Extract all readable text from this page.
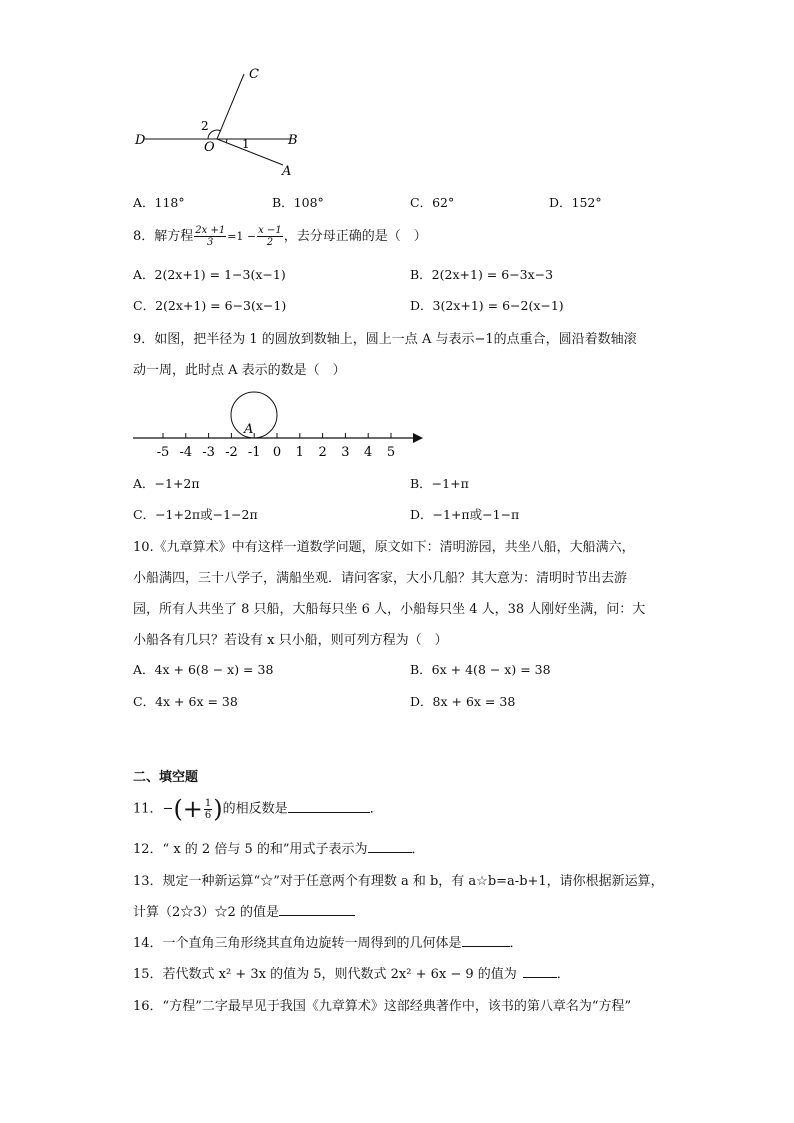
C
D	O	B
A
2
1
A．118°	B．108°	C．62°	D．152°
8．解方程 $\frac{2x +1}{3} =1 - \frac{x -1}{2}$ ，去分母正确的是（　）
A．2(2x+1) = 1−3(x−1)	B．2(2x+1) = 6−3x−3
C．2(2x+1) = 6−3(x−1)	D．3(2x+1) = 6−2(x−1)
9．如图，把半径为 1 的圆放到数轴上，圆上一点 A 与表示−1的点重合，圆沿着数轴滚
动一周，此时点 A 表示的数是（　）
A
-5 -4 -3 -2 -1 0 1 2 3 4 5
A．−1+2π	B．−1+π
C．−1+2π或−1−2π	D．−1+π或−1−π
10.《九章算术》中有这样一道数学问题，原文如下：清明游园，共坐八船，大船满六，
小船满四，三十八学子，满船坐观．请问客家，大小几船？其大意为：清明时节出去游
园，所有人共坐了 8 只船，大船每只坐 6 人，小船每只坐 4 人，38 人刚好坐满，问：大
小船各有几只？若设有 x 只小船，则可列方程为（　）
A．4x + 6(8 − x) = 38	B．6x + 4(8 − x) = 38
C．4x + 6x = 38	D．8x + 6x = 38
二、填空题
11．−(+ $\frac{1}{6}$ )的相反数是	．
12．“ x 的 2 倍与 5 的和”用式子表示为	．
13．规定一种新运算“☆”对于任意两个有理数 a 和 b，有 a☆b=a-b+1，请你根据新运算，
计算（2☆3）☆2 的值是
14．一个直角三角形绕其直角边旋转一周得到的几何体是	．
15．若代数式 x² + 3x 的值为 5，则代数式 2x² + 6x − 9 的值为	．
16．“方程”二字最早见于我国《九章算术》这部经典著作中，该书的第八章名为“方程”
